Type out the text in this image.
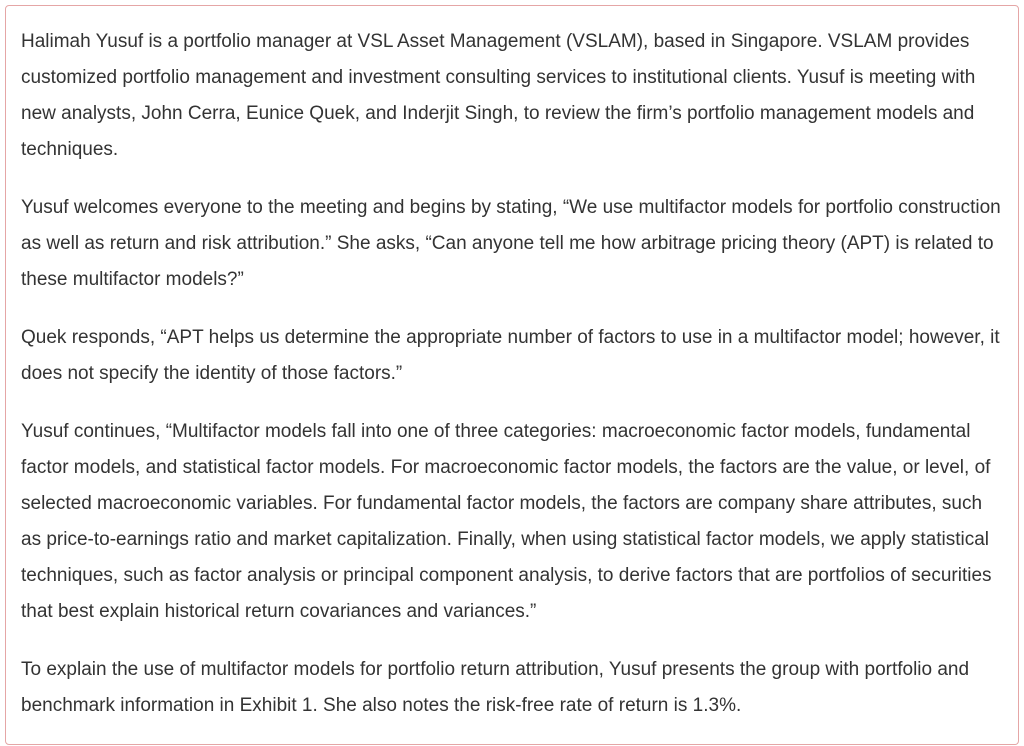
Halimah Yusuf is a portfolio manager at VSL Asset Management (VSLAM), based in Singapore. VSLAM provides customized portfolio management and investment consulting services to institutional clients. Yusuf is meeting with new analysts, John Cerra, Eunice Quek, and Inderjit Singh, to review the firm’s portfolio management models and techniques.

Yusuf welcomes everyone to the meeting and begins by stating, “We use multifactor models for portfolio construction as well as return and risk attribution.” She asks, “Can anyone tell me how arbitrage pricing theory (APT) is related to these multifactor models?”

Quek responds, “APT helps us determine the appropriate number of factors to use in a multifactor model; however, it does not specify the identity of those factors.”

Yusuf continues, “Multifactor models fall into one of three categories: macroeconomic factor models, fundamental factor models, and statistical factor models. For macroeconomic factor models, the factors are the value, or level, of selected macroeconomic variables. For fundamental factor models, the factors are company share attributes, such as price-to-earnings ratio and market capitalization. Finally, when using statistical factor models, we apply statistical techniques, such as factor analysis or principal component analysis, to derive factors that are portfolios of securities that best explain historical return covariances and variances.”

To explain the use of multifactor models for portfolio return attribution, Yusuf presents the group with portfolio and benchmark information in Exhibit 1. She also notes the risk-free rate of return is 1.3%.
